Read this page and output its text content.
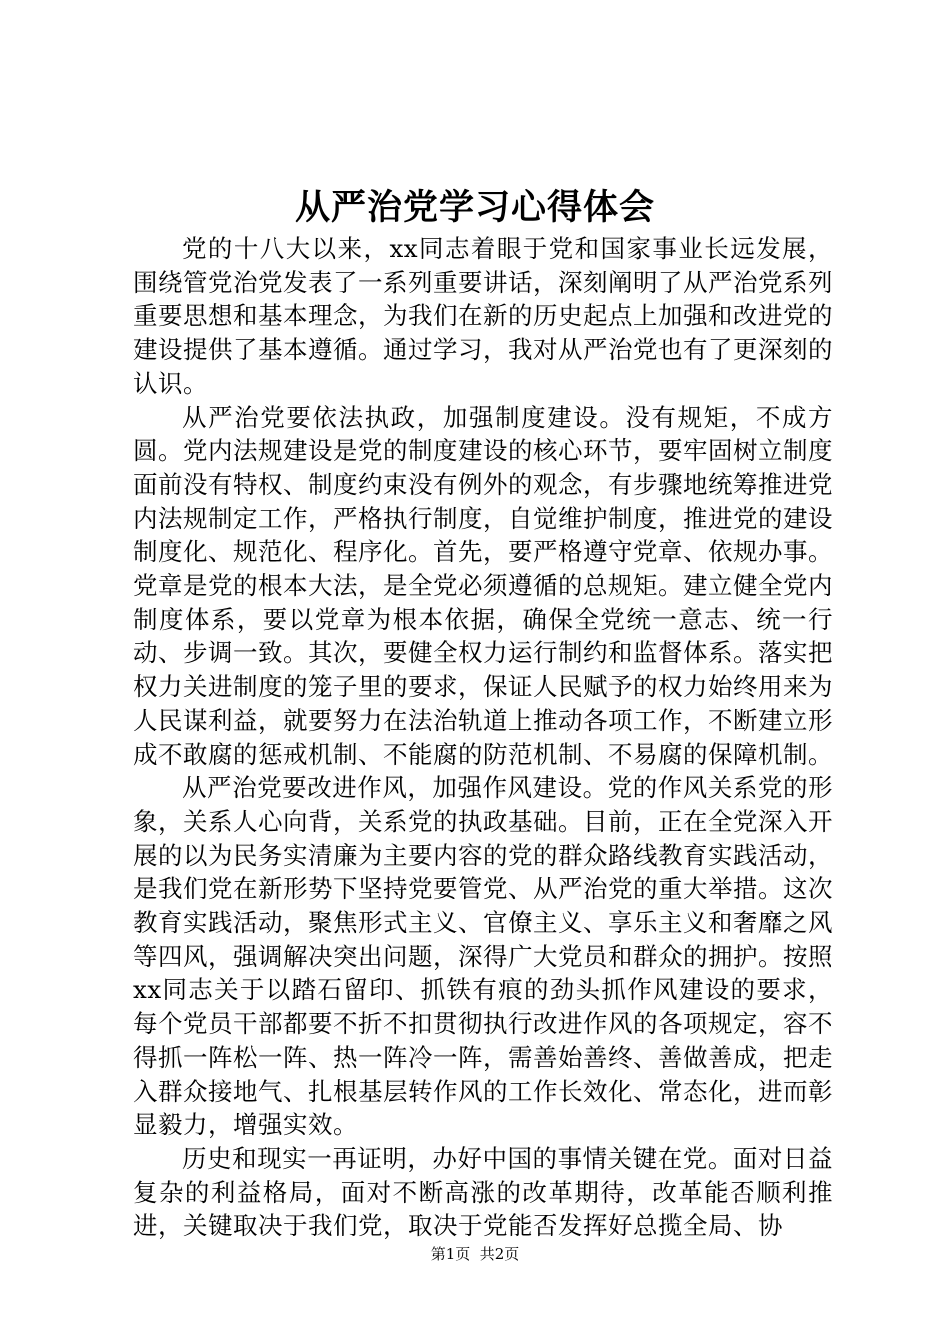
从严治党学习心得体会

党的十八大以来，xx同志着眼于党和国家事业长远发展，围绕管党治党发表了一系列重要讲话，深刻阐明了从严治党系列重要思想和基本理念，为我们在新的历史起点上加强和改进党的建设提供了基本遵循。通过学习，我对从严治党也有了更深刻的认识。

从严治党要依法执政，加强制度建设。没有规矩，不成方圆。党内法规建设是党的制度建设的核心环节，要牢固树立制度面前没有特权、制度约束没有例外的观念，有步骤地统筹推进党内法规制定工作，严格执行制度，自觉维护制度，推进党的建设制度化、规范化、程序化。首先，要严格遵守党章、依规办事。党章是党的根本大法，是全党必须遵循的总规矩。建立健全党内制度体系，要以党章为根本依据，确保全党统一意志、统一行动、步调一致。其次，要健全权力运行制约和监督体系。落实把权力关进制度的笼子里的要求，保证人民赋予的权力始终用来为人民谋利益，就要努力在法治轨道上推动各项工作，不断建立形成不敢腐的惩戒机制、不能腐的防范机制、不易腐的保障机制。

从严治党要改进作风，加强作风建设。党的作风关系党的形象，关系人心向背，关系党的执政基础。目前，正在全党深入开展的以为民务实清廉为主要内容的党的群众路线教育实践活动，是我们党在新形势下坚持党要管党、从严治党的重大举措。这次教育实践活动，聚焦形式主义、官僚主义、享乐主义和奢靡之风等四风，强调解决突出问题，深得广大党员和群众的拥护。按照xx同志关于以踏石留印、抓铁有痕的劲头抓作风建设的要求，每个党员干部都要不折不扣贯彻执行改进作风的各项规定，容不得抓一阵松一阵、热一阵冷一阵，需善始善终、善做善成，把走入群众接地气、扎根基层转作风的工作长效化、常态化，进而彰显毅力，增强实效。

历史和现实一再证明，办好中国的事情关键在党。面对日益复杂的利益格局，面对不断高涨的改革期待，改革能否顺利推进，关键取决于我们党，取决于党能否发挥好总揽全局、协

第1页  共2页
